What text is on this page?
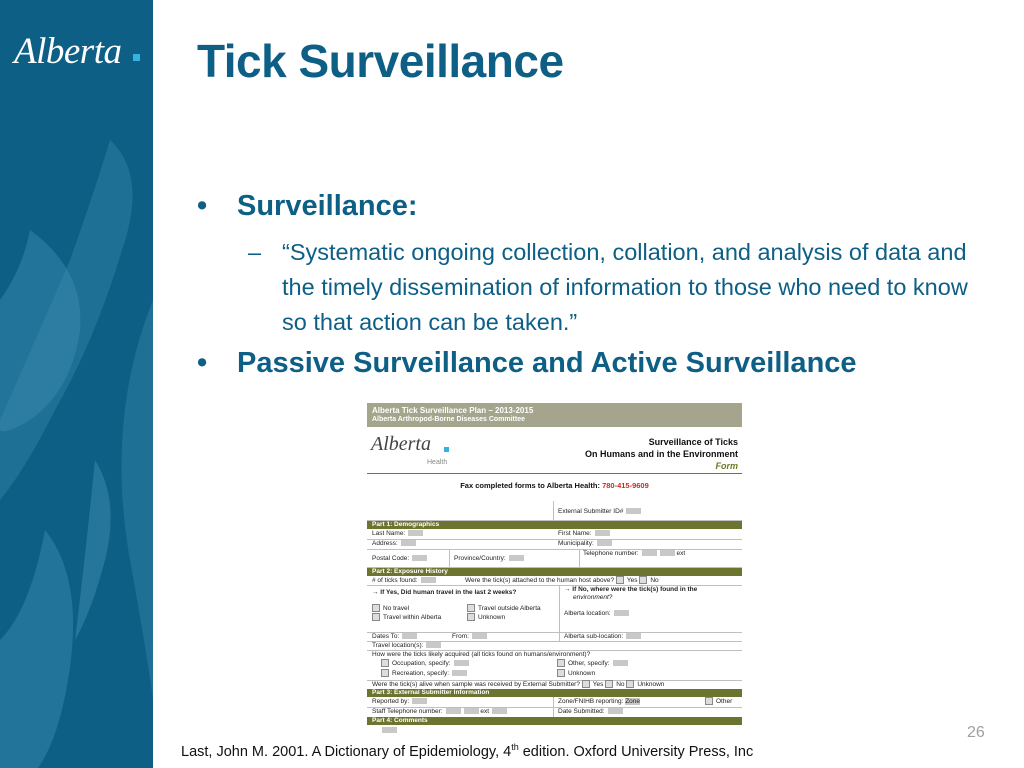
Alberta Tick Surveillance
• Surveillance:
– “Systematic ongoing collection, collation, and analysis of data and the timely dissemination of information to those who need to know so that action can be taken.”
• Passive Surveillance and Active Surveillance
Alberta Tick Surveillance Plan – 2013-2015
Alberta Arthropod-Borne Diseases Committee
Alberta
Health
Surveillance of Ticks
On Humans and in the Environment
Form
Fax completed forms to Alberta Health: 780-415-9609
External Submitter ID#
Part 1: Demographics
Last Name:	First Name:
Address:	Municipality:
Postal Code:	Province/Country:
Telephone number:	ext
Part 2: Exposure History
# of ticks found:	Were the tick(s) attached to the human host above? Yes No
→ If Yes, Did human travel in the last 2 weeks?	→ If No, where were the tick(s) found in the
environment?
No travel	Travel outside Alberta
Travel within Alberta	Unknown
Alberta location:
Dates To:	From:	Alberta sub-location:
Travel location(s):
How were the ticks likely acquired (all ticks found on humans/environment)?
Occupation, specify:	Other, specify:
Recreation, specify:	Unknown
Were the tick(s) alive when sample was received by External Submitter? Yes No Unknown
Part 3: External Submitter Information
Reported by:	Zone/FNIHB reporting: Zone	Other
Staff Telephone number:	ext	Date Submitted:
Part 4: Comments
Last, John M. 2001. A Dictionary of Epidemiology, 4th edition. Oxford University Press, Inc
26
